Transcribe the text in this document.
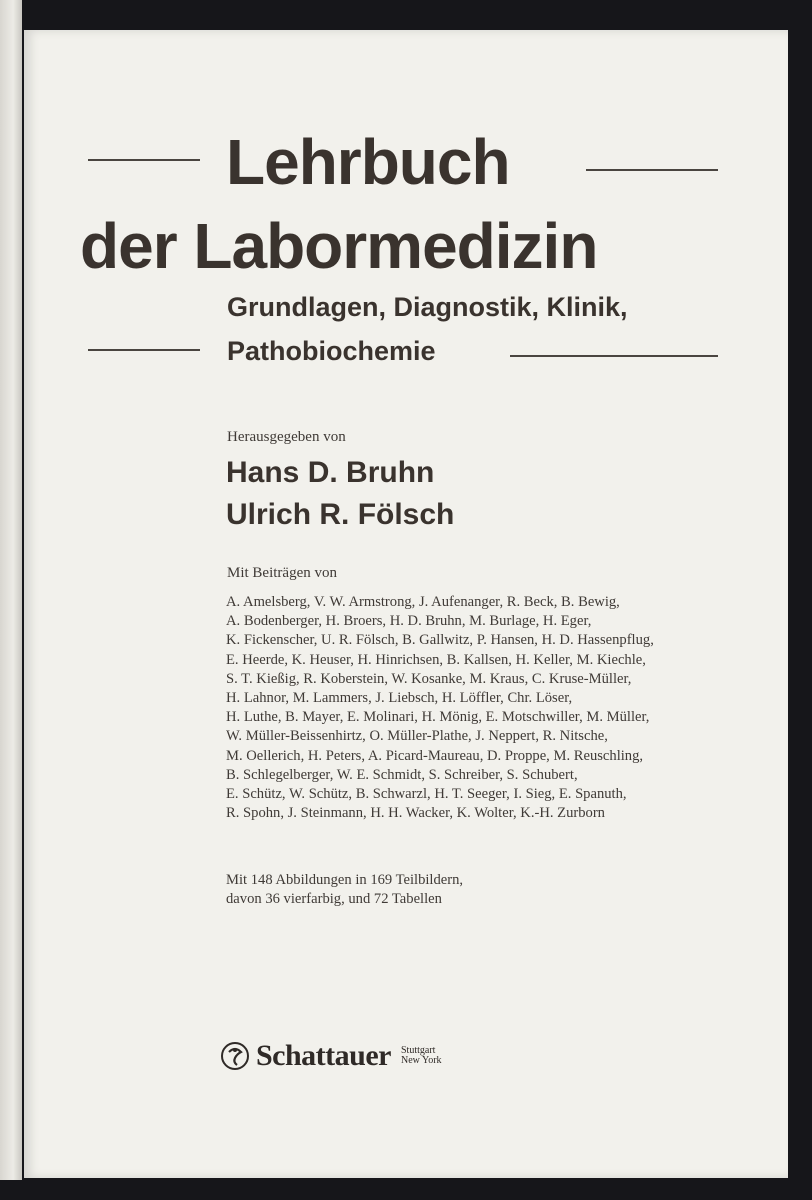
Lehrbuch
der Labormedizin
Grundlagen, Diagnostik, Klinik,
Pathobiochemie
Herausgegeben von
Hans D. Bruhn
Ulrich R. Fölsch
Mit Beiträgen von
A. Amelsberg, V. W. Armstrong, J. Aufenanger, R. Beck, B. Bewig,
A. Bodenberger, H. Broers, H. D. Bruhn, M. Burlage, H. Eger,
K. Fickenscher, U. R. Fölsch, B. Gallwitz, P. Hansen, H. D. Hassenpflug,
E. Heerde, K. Heuser, H. Hinrichsen, B. Kallsen, H. Keller, M. Kiechle,
S. T. Kießig, R. Koberstein, W. Kosanke, M. Kraus, C. Kruse-Müller,
H. Lahnor, M. Lammers, J. Liebsch, H. Löffler, Chr. Löser,
H. Luthe, B. Mayer, E. Molinari, H. Mönig, E. Motschwiller, M. Müller,
W. Müller-Beissenhirtz, O. Müller-Plathe, J. Neppert, R. Nitsche,
M. Oellerich, H. Peters, A. Picard-Maureau, D. Proppe, M. Reuschling,
B. Schlegelberger, W. E. Schmidt, S. Schreiber, S. Schubert,
E. Schütz, W. Schütz, B. Schwarzl, H. T. Seeger, I. Sieg, E. Spanuth,
R. Spohn, J. Steinmann, H. H. Wacker, K. Wolter, K.-H. Zurborn
Mit 148 Abbildungen in 169 Teilbildern,
davon 36 vierfarbig, und 72 Tabellen
Schattauer Stuttgart
New York
